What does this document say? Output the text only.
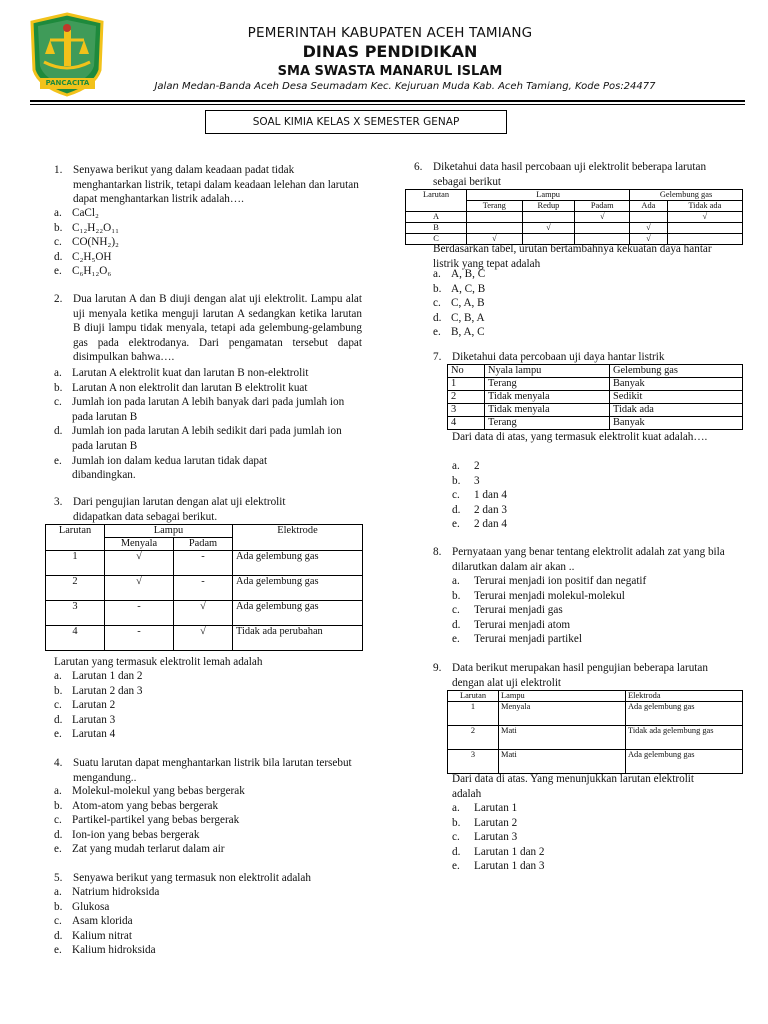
PANCACITA
PEMERINTAH KABUPATEN ACEH TAMIANG
DINAS PENDIDIKAN
SMA SWASTA MANARUL ISLAM
Jalan Medan-Banda Aceh Desa Seumadam Kec. Kejuruan Muda Kab. Aceh Tamiang, Kode Pos:24477
SOAL KIMIA KELAS X SEMESTER GENAP
1. Senyawa berikut yang dalam keadaan padat tidak menghantarkan listrik, tetapi dalam keadaan lelehan dan larutan dapat menghantarkan listrik adalah….
a. CaCl₂
b. C₁₂H₂₂O₁₁
c. CO(NH₂)₂
d. C₂H₅OH
e. C₆H₁₂O₆
2. Dua larutan A dan B diuji dengan alat uji elektrolit. Lampu alat uji menyala ketika menguji larutan A sedangkan ketika larutan B diuji lampu tidak menyala, tetapi ada gelembung-gelambung gas pada elektrodanya. Dari pengamatan tersebut dapat disimpulkan bahwa….
a. Larutan A elektrolit kuat dan larutan B non-elektrolit
b. Larutan A non elektrolit dan larutan B elektrolit kuat
c. Jumlah ion pada larutan A lebih banyak dari pada jumlah ion pada larutan B
d. Jumlah ion pada larutan A lebih sedikit dari pada jumlah ion pada larutan B
e. Jumlah ion dalam kedua larutan tidak dapat dibandingkan.
3. Dari pengujian larutan dengan alat uji elektrolit didapatkan data sebagai berikut.
Larutan	Lampu		Elektrode
	Menyala	Padam	
1	√	-	Ada gelembung gas
2	√	-	Ada gelembung gas
3	-	√	Ada gelembung gas
4	-	√	Tidak ada perubahan
Larutan yang termasuk elektrolit lemah adalah
a. Larutan 1 dan 2
b. Larutan 2 dan 3
c. Larutan 2
d. Larutan 3
e. Larutan 4
4. Suatu larutan dapat menghantarkan listrik bila larutan tersebut mengandung..
a. Molekul-molekul yang bebas bergerak
b. Atom-atom yang bebas bergerak
c. Partikel-partikel yang bebas bergerak
d. Ion-ion yang bebas bergerak
e. Zat yang mudah terlarut dalam air
5. Senyawa berikut yang termasuk non elektrolit adalah
a. Natrium hidroksida
b. Glukosa
c. Asam klorida
d. Kalium nitrat
e. Kalium hidroksida
6. Diketahui data hasil percobaan uji elektrolit beberapa larutan sebagai berikut
Larutan	Lampu			Gelembung gas	
	Terang	Redup	Padam	Ada	Tidak ada
A			√		√
B		√		√	
C	√			√	
Berdasarkan tabel, urutan bertambahnya kekuatan daya hantar listrik yang tepat adalah
a. A, B, C
b. A, C, B
c. C, A, B
d. C, B, A
e. B, A, C
7. Diketahui data percobaan uji daya hantar listrik
No	Nyala lampu	Gelembung gas
1	Terang	Banyak
2	Tidak menyala	Sedikit
3	Tidak menyala	Tidak ada
4	Terang	Banyak
Dari data di atas, yang termasuk elektrolit kuat adalah….
a. 2
b. 3
c. 1 dan 4
d. 2 dan 3
e. 2 dan 4
8. Pernyataan yang benar tentang elektrolit adalah zat yang bila dilarutkan dalam air akan ..
a. Terurai menjadi ion positif dan negatif
b. Terurai menjadi molekul-molekul
c. Terurai menjadi gas
d. Terurai menjadi atom
e. Terurai menjadi partikel
9. Data berikut merupakan hasil pengujian beberapa larutan dengan alat uji elektrolit
Larutan	Lampu	Elektroda
1	Menyala	Ada gelembung gas
2	Mati	Tidak ada gelembung gas
3	Mati	Ada gelembung gas
Dari data di atas. Yang menunjukkan larutan elektrolit adalah
a. Larutan 1
b. Larutan 2
c. Larutan 3
d. Larutan 1 dan 2
e. Larutan 1 dan 3
